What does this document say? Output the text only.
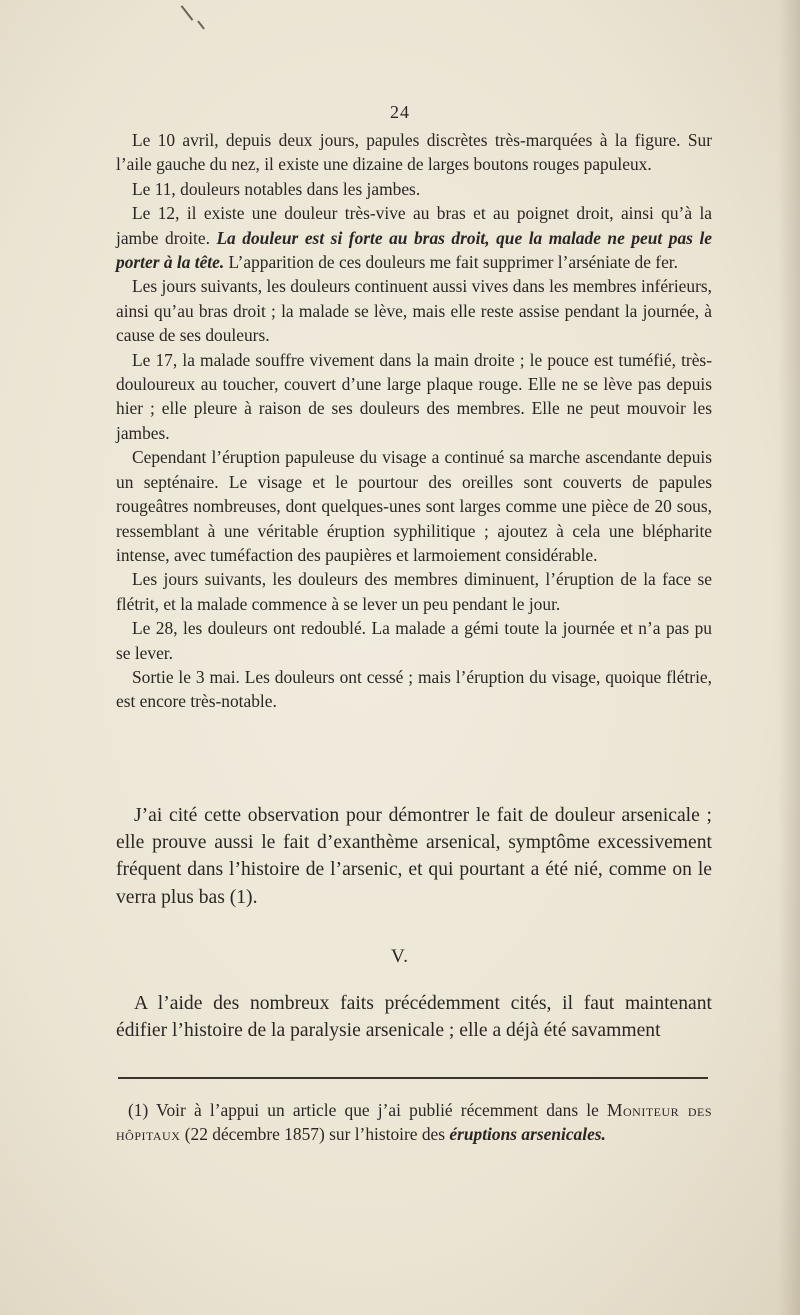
24

Le 10 avril, depuis deux jours, papules discrètes très-marquées à la figure. Sur l’aile gauche du nez, il existe une dizaine de larges boutons rouges papuleux.

Le 11, douleurs notables dans les jambes.

Le 12, il existe une douleur très-vive au bras et au poignet droit, ainsi qu’à la jambe droite. La douleur est si forte au bras droit, que la malade ne peut pas le porter à la tête. L’apparition de ces douleurs me fait supprimer l’arséniate de fer.

Les jours suivants, les douleurs continuent aussi vives dans les membres inférieurs, ainsi qu’au bras droit ; la malade se lève, mais elle reste assise pendant la journée, à cause de ses douleurs.

Le 17, la malade souffre vivement dans la main droite ; le pouce est tuméfié, très-douloureux au toucher, couvert d’une large plaque rouge. Elle ne se lève pas depuis hier ; elle pleure à raison de ses douleurs des membres. Elle ne peut mouvoir les jambes.

Cependant l’éruption papuleuse du visage a continué sa marche ascendante depuis un septénaire. Le visage et le pourtour des oreilles sont couverts de papules rougeâtres nombreuses, dont quelques-unes sont larges comme une pièce de 20 sous, ressemblant à une véritable éruption syphilitique ; ajoutez à cela une blépharite intense, avec tuméfaction des paupières et larmoiement considérable.

Les jours suivants, les douleurs des membres diminuent, l’éruption de la face se flétrit, et la malade commence à se lever un peu pendant le jour.

Le 28, les douleurs ont redoublé. La malade a gémi toute la journée et n’a pas pu se lever.

Sortie le 3 mai. Les douleurs ont cessé ; mais l’éruption du visage, quoique flétrie, est encore très-notable.

J’ai cité cette observation pour démontrer le fait de douleur arsenicale ; elle prouve aussi le fait d’exanthème arsenical, symptôme excessivement fréquent dans l’histoire de l’arsenic, et qui pourtant a été nié, comme on le verra plus bas (1).

V.

A l’aide des nombreux faits précédemment cités, il faut maintenant édifier l’histoire de la paralysie arsenicale ; elle a déjà été savamment

(1) Voir à l’appui un article que j’ai publié récemment dans le Moniteur des hôpitaux (22 décembre 1857) sur l’histoire des éruptions arsenicales.
